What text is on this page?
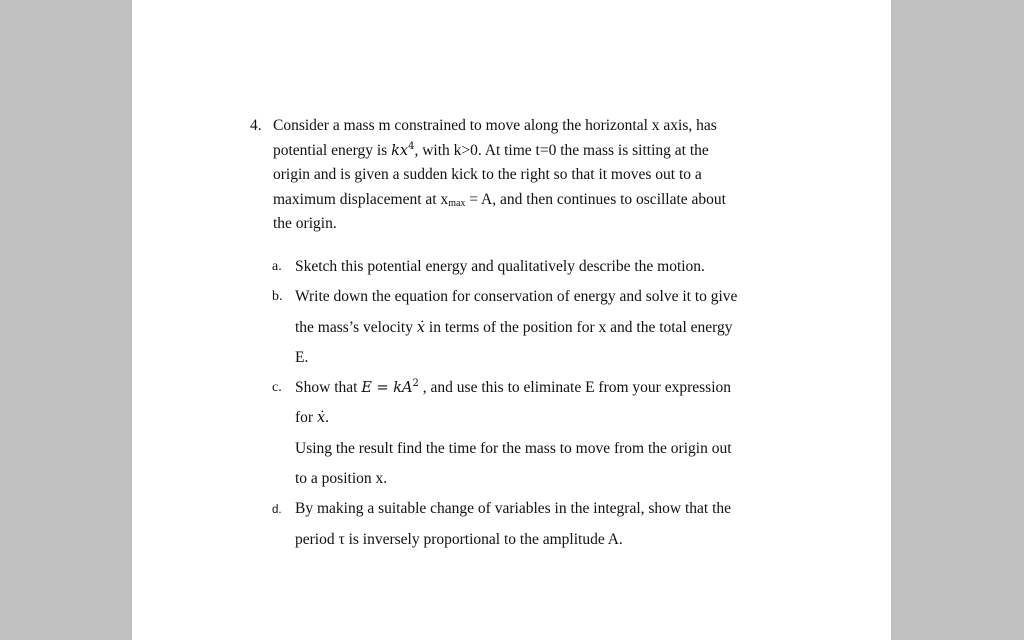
4. Consider a mass m constrained to move along the horizontal x axis, has
potential energy is $kx^4$, with k>0. At time t=0 the mass is sitting at the
origin and is given a sudden kick to the right so that it moves out to a
maximum displacement at $x_{max} = A$, and then continues to oscillate about
the origin.
a. Sketch this potential energy and qualitatively describe the motion.
b. Write down the equation for conservation of energy and solve it to give
the mass’s velocity ẋ in terms of the position for x and the total energy
E.
c. Show that $E = kA^2$ , and use this to eliminate E from your expression
for ẋ.
Using the result find the time for the mass to move from the origin out
to a position x.
d. By making a suitable change of variables in the integral, show that the
period τ is inversely proportional to the amplitude A.
